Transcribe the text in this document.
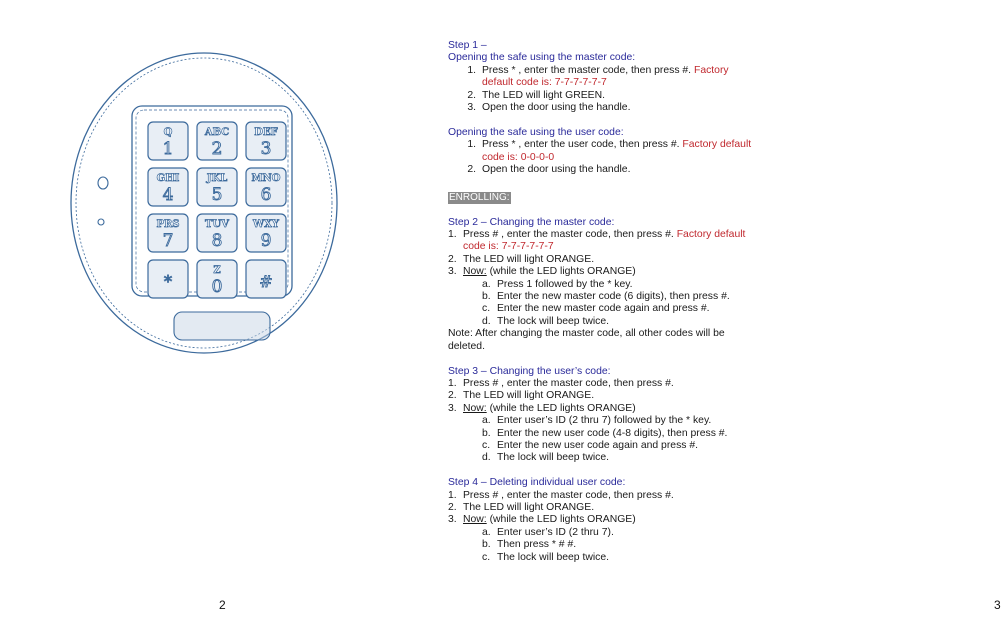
Q
1
ABC
2
DEF
3
GHI
4
JKL
5
MNO
6
PRS
7
TUV
8
WXY
9
*
Z
0 #
2	3
Step 1 –
Opening the safe using the master code:
1. Press * , enter the master code, then press #. Factory
default code is: 7-7-7-7-7-7
2. The LED will light GREEN.
3. Open the door using the handle.
Opening the safe using the user code:
1. Press * , enter the user code, then press #. Factory default
code is: 0-0-0-0
2. Open the door using the handle.
ENROLLING:
Step 2 – Changing the master code:
1. Press # , enter the master code, then press #. Factory default
code is: 7-7-7-7-7-7
2. The LED will light ORANGE.
3. Now: (while the LED lights ORANGE)
a. Press 1 followed by the * key.
b. Enter the new master code (6 digits), then press #.
c. Enter the new master code again and press #.
d. The lock will beep twice.
Note: After changing the master code, all other codes will be
deleted.
Step 3 – Changing the user’s code:
1. Press # , enter the master code, then press #.
2. The LED will light ORANGE.
3. Now: (while the LED lights ORANGE)
a. Enter user’s ID (2 thru 7) followed by the * key.
b. Enter the new user code (4-8 digits), then press #.
c. Enter the new user code again and press #.
d. The lock will beep twice.
Step 4 – Deleting individual user code:
1. Press # , enter the master code, then press #.
2. The LED will light ORANGE.
3. Now: (while the LED lights ORANGE)
a. Enter user’s ID (2 thru 7).
b. Then press * # #.
c. The lock will beep twice.
